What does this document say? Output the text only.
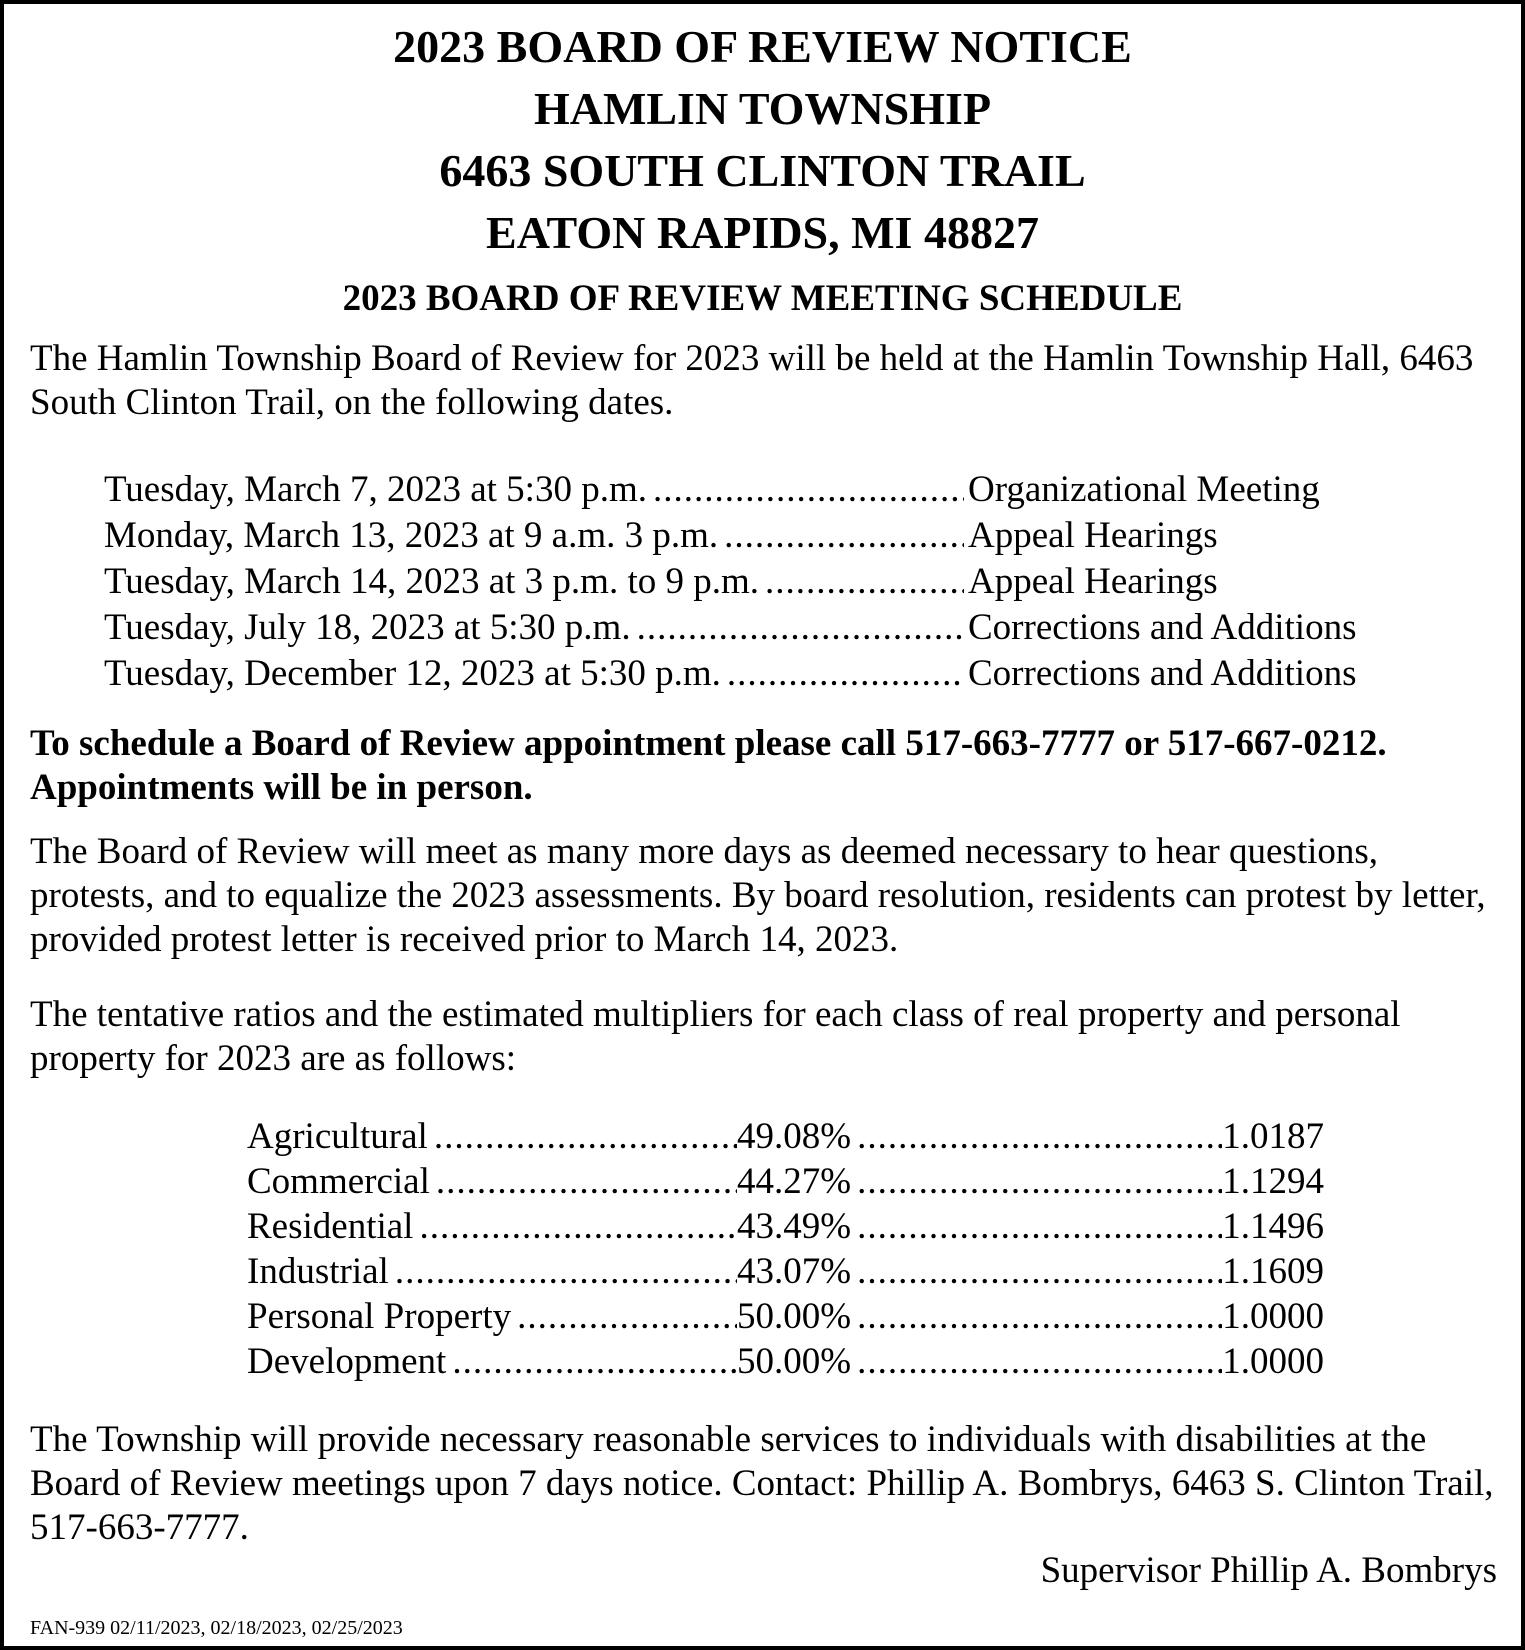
2023 BOARD OF REVIEW NOTICE
HAMLIN TOWNSHIP
6463 SOUTH CLINTON TRAIL
EATON RAPIDS, MI 48827
2023 BOARD OF REVIEW MEETING SCHEDULE

The Hamlin Township Board of Review for 2023 will be held at the Hamlin Township Hall, 6463 South Clinton Trail, on the following dates.

Tuesday, March 7, 2023 at 5:30 p.m. .....	Organizational Meeting
Monday, March 13, 2023 at 9 a.m. 3 p.m. .....	Appeal Hearings
Tuesday, March 14, 2023 at 3 p.m. to 9 p.m. .....	Appeal Hearings
Tuesday, July 18, 2023 at 5:30 p.m. .....	Corrections and Additions
Tuesday, December 12, 2023 at 5:30 p.m. .....	Corrections and Additions

To schedule a Board of Review appointment please call 517-663-7777 or 517-667-0212. Appointments will be in person.

The Board of Review will meet as many more days as deemed necessary to hear questions, protests, and to equalize the 2023 assessments. By board resolution, residents can protest by letter, provided protest letter is received prior to March 14, 2023.

The tentative ratios and the estimated multipliers for each class of real property and personal property for 2023 are as follows:

Agricultural .....	49.08% .....	1.0187
Commercial .....	44.27% .....	1.1294
Residential .....	43.49% .....	1.1496
Industrial .....	43.07% .....	1.1609
Personal Property .....	50.00% .....	1.0000
Development .....	50.00% .....	1.0000

The Township will provide necessary reasonable services to individuals with disabilities at the Board of Review meetings upon 7 days notice. Contact: Phillip A. Bombrys, 6463 S. Clinton Trail, 517-663-7777.

Supervisor Phillip A. Bombrys
FAN-939 02/11/2023, 02/18/2023, 02/25/2023
